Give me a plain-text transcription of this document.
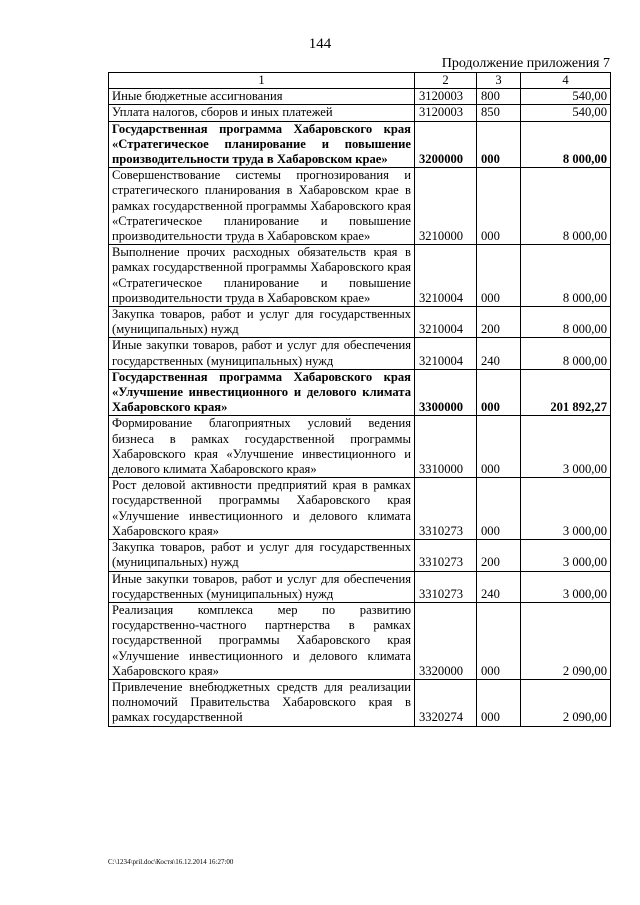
144
Продолжение приложения 7
1	2	3	4
Иные бюджетные ассигнования	3120003	800	540,00
Уплата налогов, сборов и иных платежей	3120003	850	540,00
Государственная программа Хабаровского края «Стратегическое планирование и повышение производительности труда в Хабаровском крае»	3200000	000	8 000,00
Совершенствование системы прогнозирования и стратегического планирования в Хабаровском крае в рамках государственной программы Хабаровского края «Стратегическое планирование и повышение производительности труда в Хабаровском крае»	3210000	000	8 000,00
Выполнение прочих расходных обязательств края в рамках государственной программы Хабаровского края «Стратегическое планирование и повышение производительности труда в Хабаровском крае»	3210004	000	8 000,00
Закупка товаров, работ и услуг для государственных (муниципальных) нужд	3210004	200	8 000,00
Иные закупки товаров, работ и услуг для обеспечения государственных (муниципальных) нужд	3210004	240	8 000,00
Государственная программа Хабаровского края «Улучшение инвестиционного и делового климата Хабаровского края»	3300000	000	201 892,27
Формирование благоприятных условий ведения бизнеса в рамках государственной программы Хабаровского края «Улучшение инвестиционного и делового климата Хабаровского края»	3310000	000	3 000,00
Рост деловой активности предприятий края в рамках государственной программы Хабаровского края «Улучшение инвестиционного и делового климата Хабаровского края»	3310273	000	3 000,00
Закупка товаров, работ и услуг для государственных (муниципальных) нужд	3310273	200	3 000,00
Иные закупки товаров, работ и услуг для обеспечения государственных (муниципальных) нужд	3310273	240	3 000,00
Реализация комплекса мер по развитию государственно-частного партнерства в рамках государственной программы Хабаровского края «Улучшение инвестиционного и делового климата Хабаровского края»	3320000	000	2 090,00
Привлечение внебюджетных средств для реализации полномочий Правительства Хабаровского края в рамках государственной	3320274	000	2 090,00
C:\1234\pril.doc\Костя\16.12.2014 16:27:00
